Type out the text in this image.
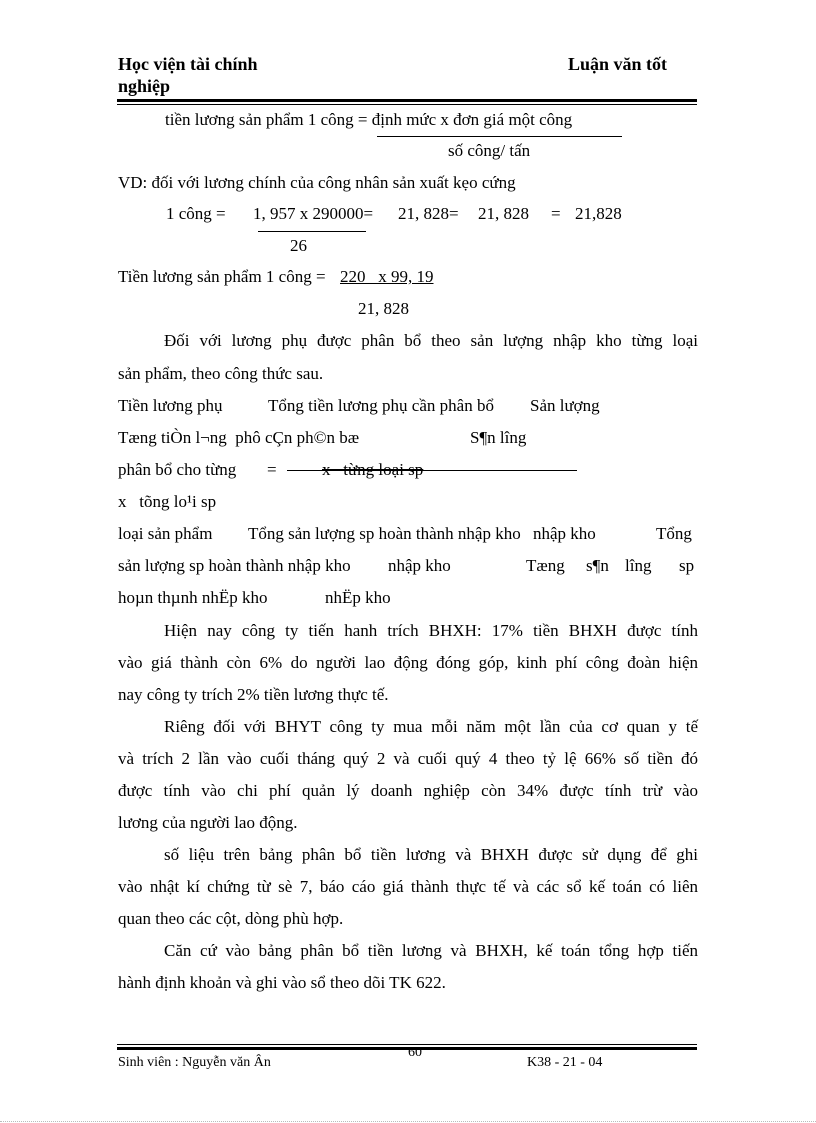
Học viện tài chính	Luận văn tốt
nghiệp
tiền lương sản phẩm 1 công = định mức x đơn giá một công
số công/ tấn
VD: đối với lương chính của công nhân sản xuất kẹo cứng
1 công = 1, 957 x 290000= 21, 828= 21, 828 = 21,828
26
Tiền lương sản phẩm 1 công = 220   x 99, 19
21, 828
Đối với lương phụ được phân bổ theo sản lượng nhập kho từng loại
sản phẩm, theo công thức sau.
Tiền lương phụ	Tổng tiền lương phụ cần phân bổ Sản lượng
Tæng tiÒn l¬ng  phô cÇn ph©n bæ	S¶n lîng
phân bổ cho từng =	x   từng loại sp
x   tõng lo¹i sp
loại sản phẩm Tổng sản lượng sp hoàn thành nhập kho nhập kho	Tổng
sản lượng sp hoàn thành nhập kho nhập kho	Tæng s¶n lîng sp
hoµn thµnh nhËp kho	nhËp kho
Hiện nay công ty tiến hanh trích BHXH: 17% tiền BHXH được tính
vào giá thành còn 6% do người lao động đóng góp, kinh phí công đoàn hiện
nay công ty trích 2% tiền lương thực tế.
Riêng đối với BHYT công ty mua mỗi năm một lần của cơ quan y tế
và trích 2 lần vào cuối tháng quý 2 và cuối quý 4 theo tỷ lệ 66% số tiền đó
được tính vào chi phí quản lý doanh nghiệp còn 34% được tính trừ vào
lương của người lao động.
số liệu trên bảng phân bổ tiền lương và BHXH được sử dụng để ghi
vào nhật kí chứng từ sè 7, báo cáo giá thành thực tế và các sổ kế toán có liên
quan theo các cột, dòng phù hợp.
Căn cứ vào bảng phân bổ tiền lương và BHXH, kế toán tổng hợp tiến
hành định khoản và ghi vào sổ theo dõi TK 622.
Sinh viên : Nguyễn văn Ân
60
K38 - 21 - 04
